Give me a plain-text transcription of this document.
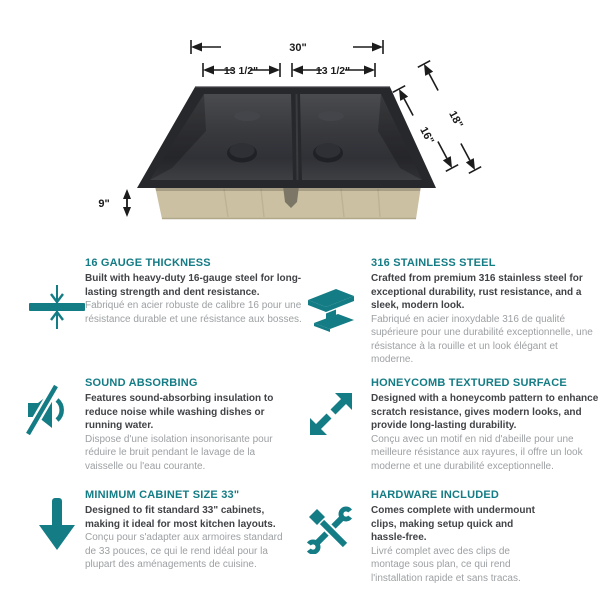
30"
13 1/2"	13 1/2"
18"
16"
9"
16 GAUGE THICKNESS

Built with heavy-duty 16-gauge steel for long-lasting strength and dent resistance.

Fabriqué en acier robuste de calibre 16 pour une résistance durable et une résistance aux bosses.

316 STAINLESS STEEL

Crafted from premium 316 stainless steel for exceptional durability, rust resistance, and a sleek, modern look.

Fabriqué en acier inoxydable 316 de qualité supérieure pour une durabilité exceptionnelle, une résistance à la rouille et un look élégant et moderne.

SOUND ABSORBING

Features sound-absorbing insulation to reduce noise while washing dishes or running water.

Dispose d'une isolation insonorisante pour réduire le bruit pendant le lavage de la vaisselle ou l'eau courante.

HONEYCOMB TEXTURED SURFACE

Designed with a honeycomb pattern to enhance scratch resistance, gives modern looks, and provide long-lasting durability.

Conçu avec un motif en nid d'abeille pour une meilleure résistance aux rayures, il offre un look moderne et une durabilité exceptionnelle.

MINIMUM CABINET SIZE 33"

Designed to fit standard 33" cabinets, making it ideal for most kitchen layouts.

Conçu pour s'adapter aux armoires standard de 33 pouces, ce qui le rend idéal pour la plupart des aménagements de cuisine.

HARDWARE INCLUDED

Comes complete with undermount clips, making setup quick and hassle-free.

Livré complet avec des clips de montage sous plan, ce qui rend l'installation rapide et sans tracas.
